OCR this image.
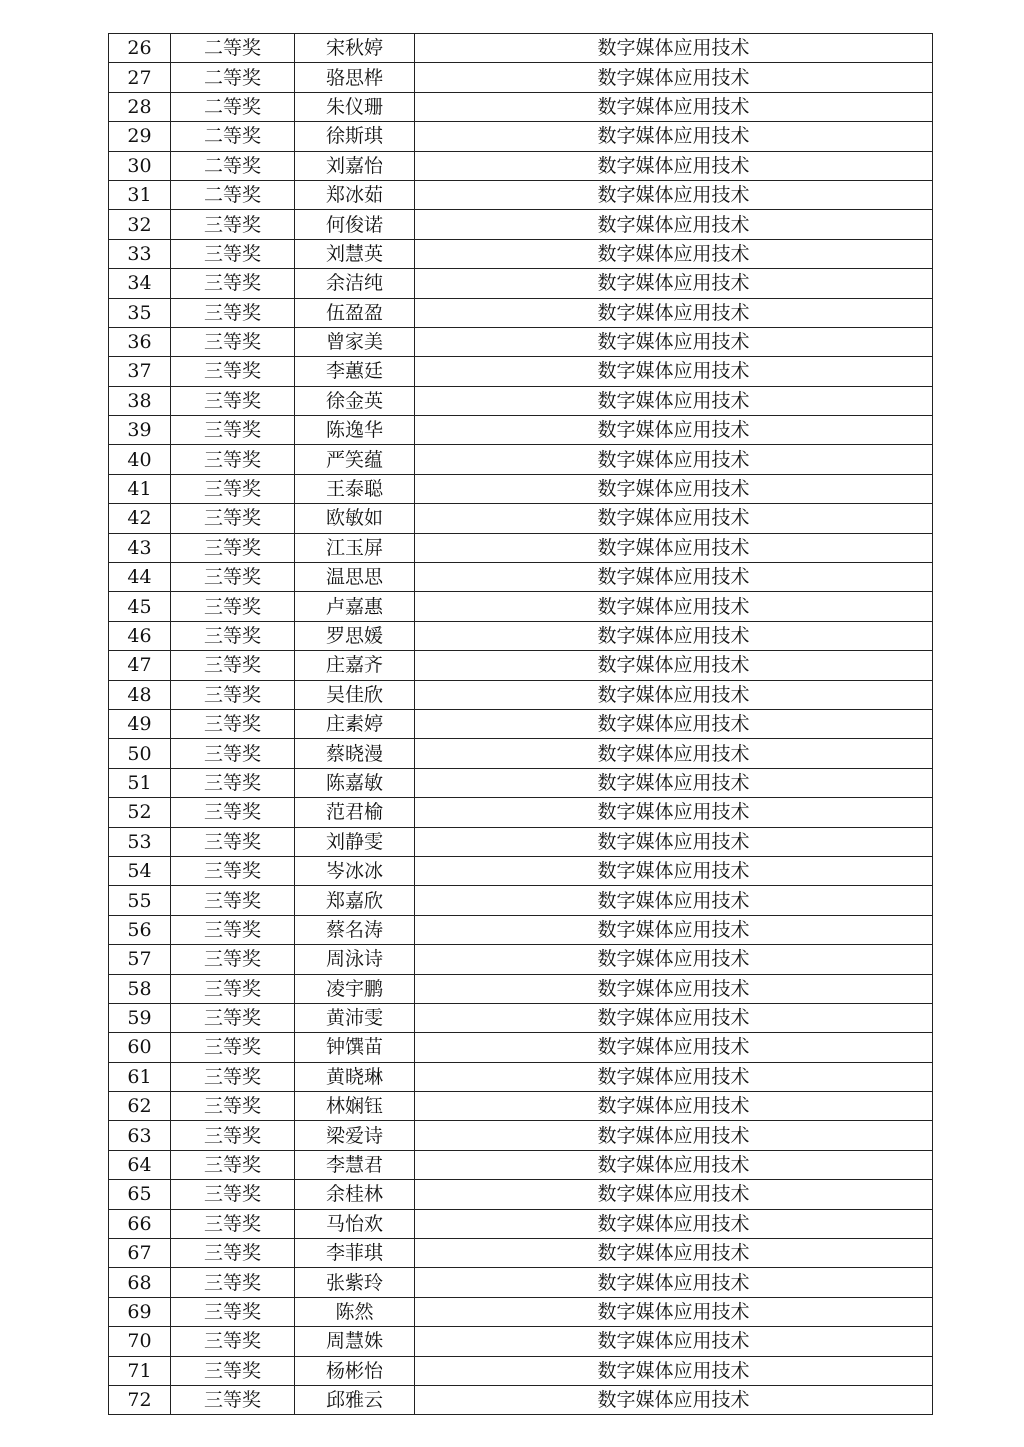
26	二等奖	宋秋婷	数字媒体应用技术
27	二等奖	骆思桦	数字媒体应用技术
28	二等奖	朱仪珊	数字媒体应用技术
29	二等奖	徐斯琪	数字媒体应用技术
30	二等奖	刘嘉怡	数字媒体应用技术
31	二等奖	郑冰茹	数字媒体应用技术
32	三等奖	何俊诺	数字媒体应用技术
33	三等奖	刘慧英	数字媒体应用技术
34	三等奖	余洁纯	数字媒体应用技术
35	三等奖	伍盈盈	数字媒体应用技术
36	三等奖	曾家美	数字媒体应用技术
37	三等奖	李蕙廷	数字媒体应用技术
38	三等奖	徐金英	数字媒体应用技术
39	三等奖	陈逸华	数字媒体应用技术
40	三等奖	严笑蕴	数字媒体应用技术
41	三等奖	王泰聪	数字媒体应用技术
42	三等奖	欧敏如	数字媒体应用技术
43	三等奖	江玉屏	数字媒体应用技术
44	三等奖	温思思	数字媒体应用技术
45	三等奖	卢嘉惠	数字媒体应用技术
46	三等奖	罗思媛	数字媒体应用技术
47	三等奖	庄嘉齐	数字媒体应用技术
48	三等奖	吴佳欣	数字媒体应用技术
49	三等奖	庄素婷	数字媒体应用技术
50	三等奖	蔡晓漫	数字媒体应用技术
51	三等奖	陈嘉敏	数字媒体应用技术
52	三等奖	范君榆	数字媒体应用技术
53	三等奖	刘静雯	数字媒体应用技术
54	三等奖	岑冰冰	数字媒体应用技术
55	三等奖	郑嘉欣	数字媒体应用技术
56	三等奖	蔡名涛	数字媒体应用技术
57	三等奖	周泳诗	数字媒体应用技术
58	三等奖	凌宇鹏	数字媒体应用技术
59	三等奖	黄沛雯	数字媒体应用技术
60	三等奖	钟馔苗	数字媒体应用技术
61	三等奖	黄晓琳	数字媒体应用技术
62	三等奖	林娴钰	数字媒体应用技术
63	三等奖	梁爱诗	数字媒体应用技术
64	三等奖	李慧君	数字媒体应用技术
65	三等奖	余桂林	数字媒体应用技术
66	三等奖	马怡欢	数字媒体应用技术
67	三等奖	李菲琪	数字媒体应用技术
68	三等奖	张紫玲	数字媒体应用技术
69	三等奖	陈然	数字媒体应用技术
70	三等奖	周慧姝	数字媒体应用技术
71	三等奖	杨彬怡	数字媒体应用技术
72	三等奖	邱雅云	数字媒体应用技术
